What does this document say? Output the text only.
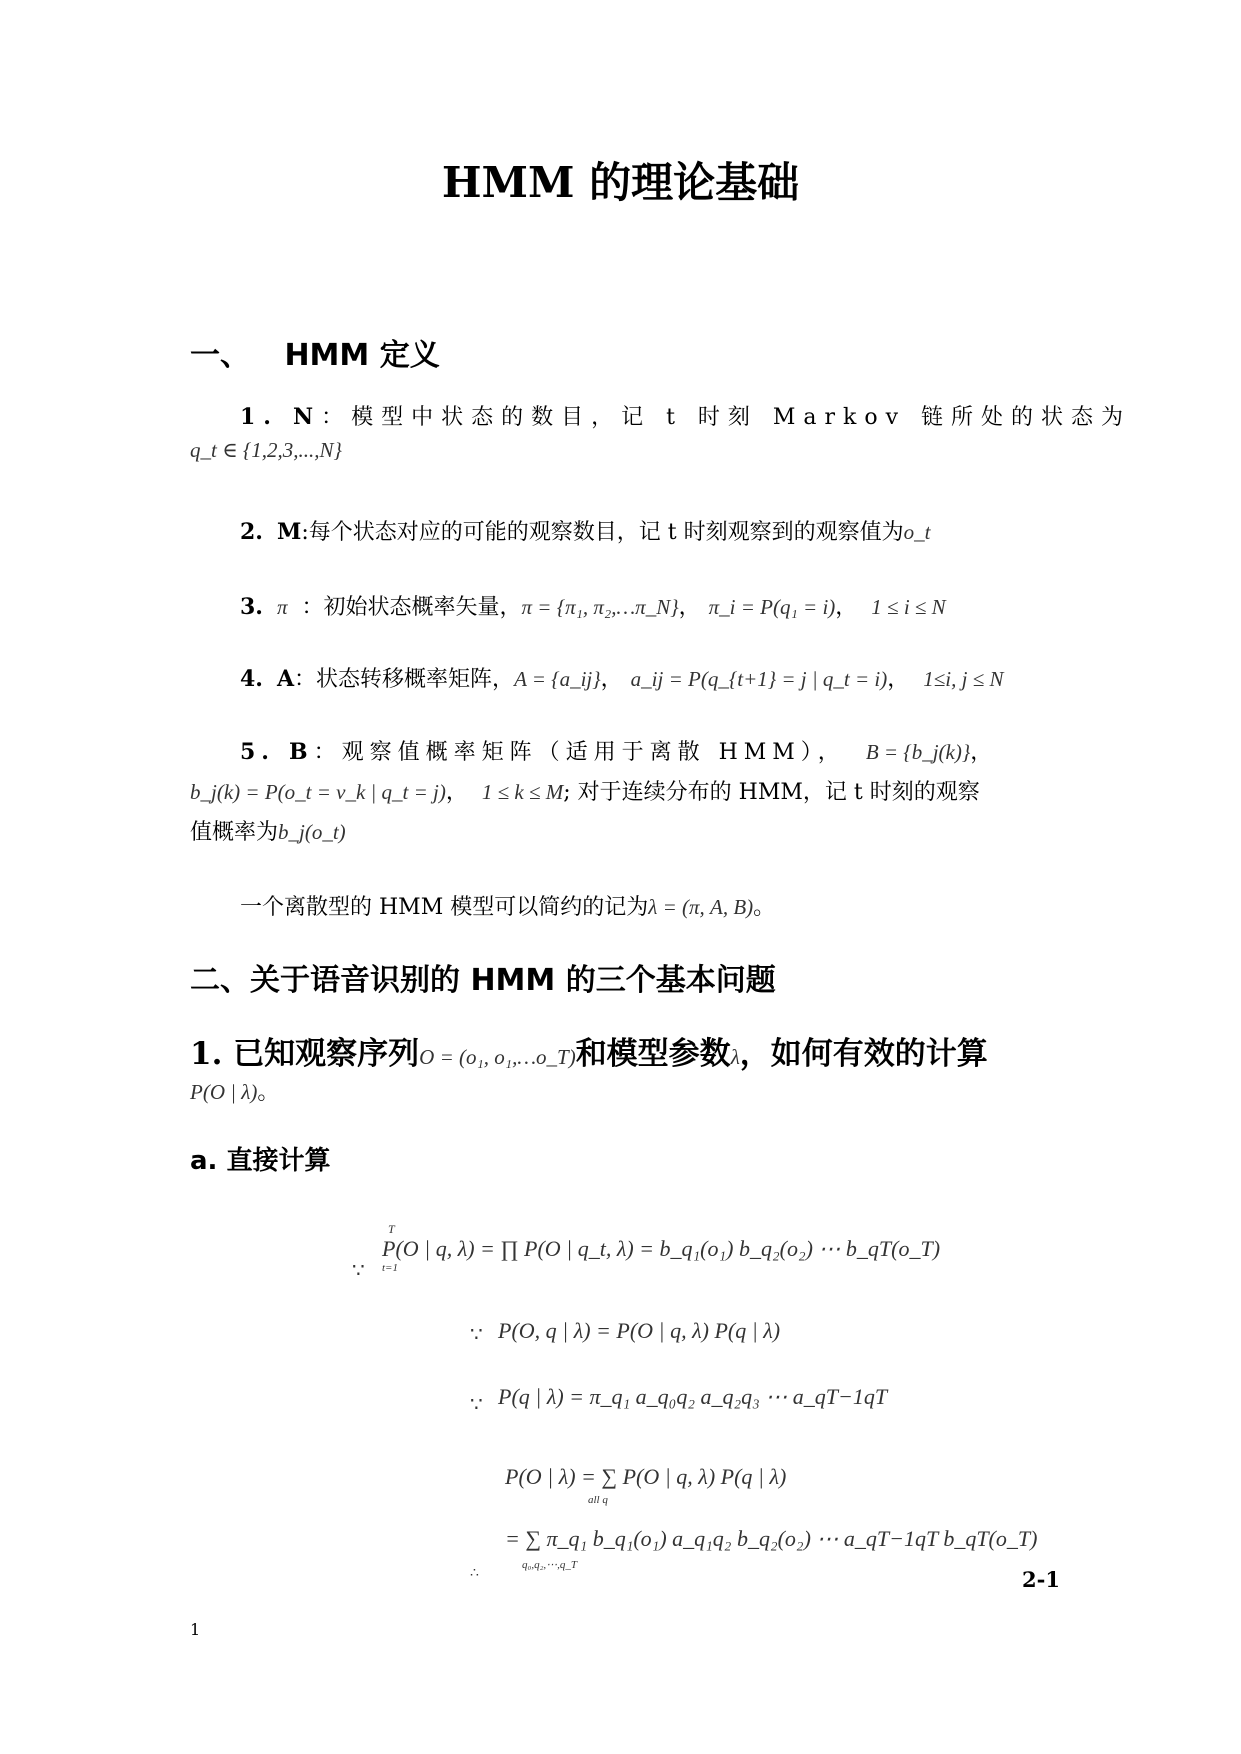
HMM 的理论基础
一、 HMM 定义
1. N：模型中状态的数目，记 t 时刻 Markov 链所处的状态为
q_t ∈ {1,2,3,...,N}
2. M:每个状态对应的可能的观察数目，记 t 时刻观察到的观察值为o_t
3. π ：初始状态概率矢量，π = {π₁, π₂,…π_N}， π_i = P(q₁ = i)， 1 ≤ i ≤ N
4. A：状态转移概率矩阵，A = {a_ij}， a_ij = P(q_{t+1} = j | q_t = i)， 1≤i, j ≤ N
5. B：观察值概率矩阵（适用于离散 HMM）， B = {b_j(k)}，
b_j(k) = P(o_t = v_k | q_t = j)， 1 ≤ k ≤ M; 对于连续分布的 HMM，记 t 时刻的观察
值概率为b_j(o_t)
一个离散型的 HMM 模型可以简约的记为λ = (π, A, B)。
二、关于语音识别的 HMM 的三个基本问题
1. 已知观察序列O = (o₁, o₁,…o_T)和模型参数λ，如何有效的计算
P(O | λ)。
a. 直接计算
T
t=1
P(O | q, λ) = ∏ P(O | q_t, λ) = b_q₁(o₁) b_q₂(o₂) ⋯ b_qT(o_T)
∵
∵ P(O, q | λ) = P(O | q, λ) P(q | λ)
∵ P(q | λ) = π_q₁ a_q₀q₂ a_q₂q₃ ⋯ a_qT−1qT
P(O | λ) = ∑ P(O | q, λ) P(q | λ)
all q
= ∑ π_q₁ b_q₁(o₁) a_q₁q₂ b_q₂(o₂) ⋯ a_qT−1qT b_qT(o_T)
q₀,q₂,⋯,q_T
∴	2-1
1
